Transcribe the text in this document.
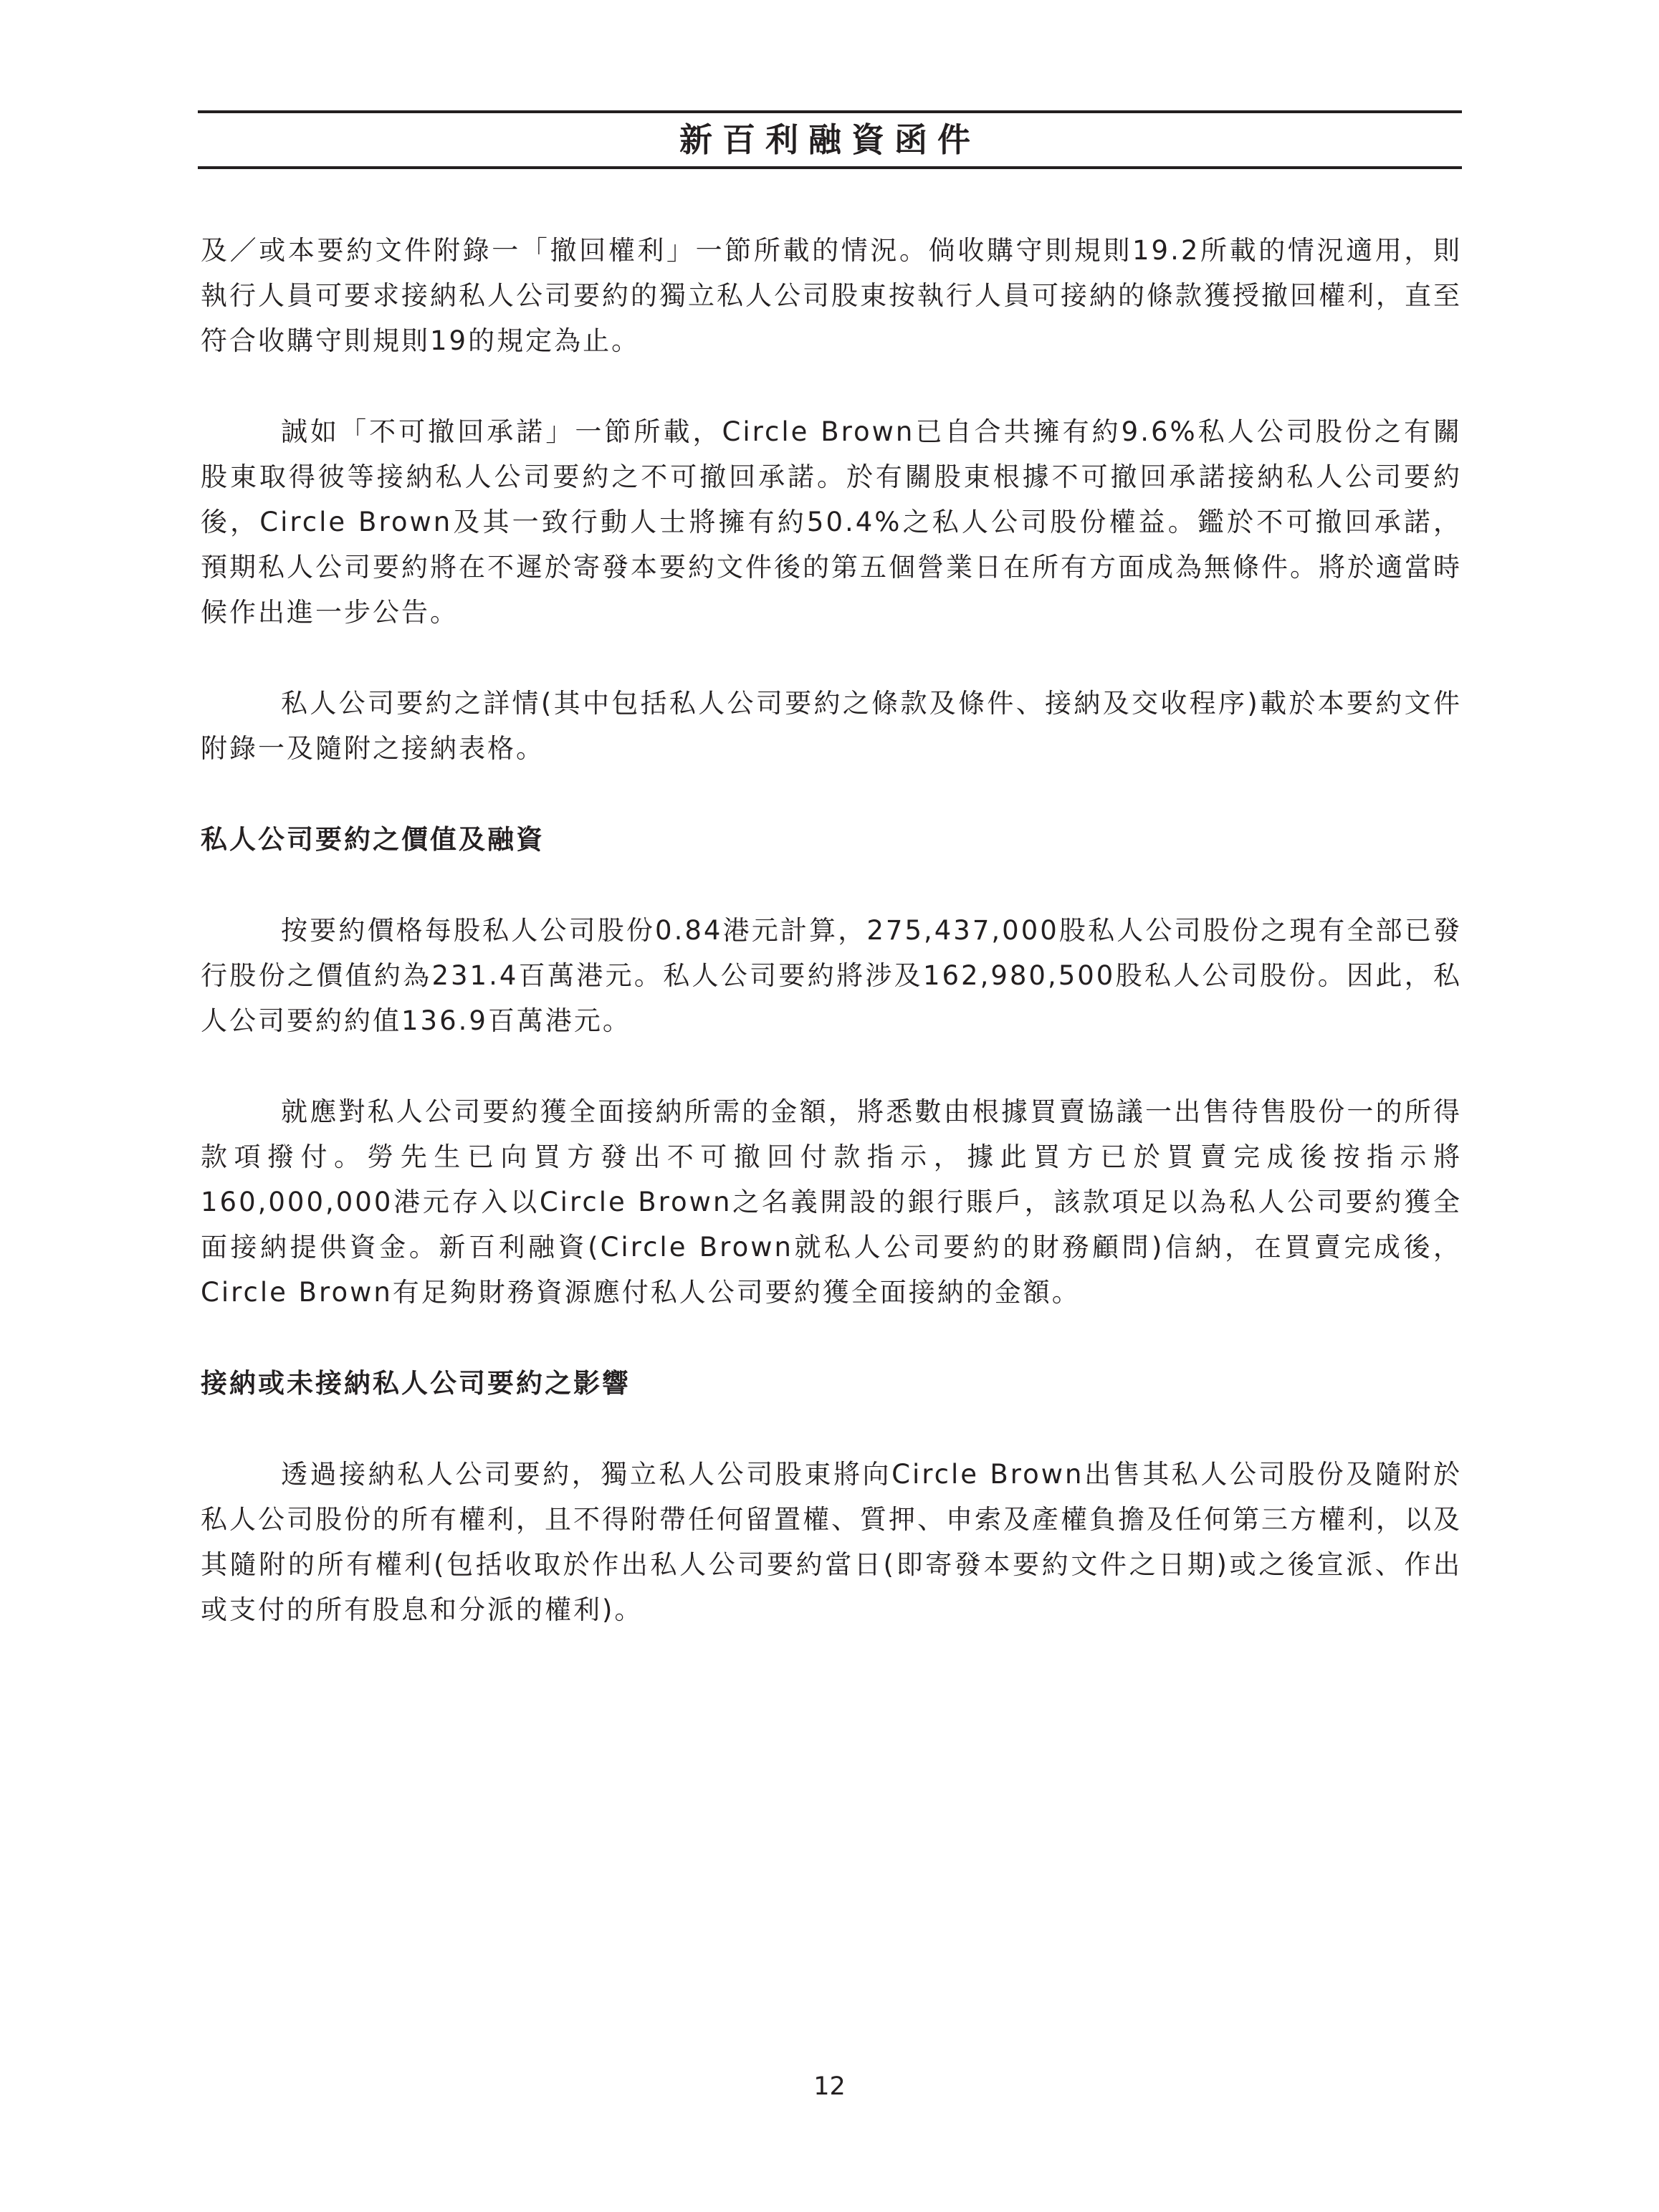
新百利融資函件

及／或本要約文件附錄一「撤回權利」一節所載的情況。倘收購守則規則19.2所載的情況適用，則執行人員可要求接納私人公司要約的獨立私人公司股東按執行人員可接納的條款獲授撤回權利，直至符合收購守則規則19的規定為止。

誠如「不可撤回承諾」一節所載，Circle Brown已自合共擁有約9.6%私人公司股份之有關股東取得彼等接納私人公司要約之不可撤回承諾。於有關股東根據不可撤回承諾接納私人公司要約後，Circle Brown及其一致行動人士將擁有約50.4%之私人公司股份權益。鑑於不可撤回承諾，預期私人公司要約將在不遲於寄發本要約文件後的第五個營業日在所有方面成為無條件。將於適當時候作出進一步公告。

私人公司要約之詳情(其中包括私人公司要約之條款及條件、接納及交收程序)載於本要約文件附錄一及隨附之接納表格。

私人公司要約之價值及融資

按要約價格每股私人公司股份0.84港元計算，275,437,000股私人公司股份之現有全部已發行股份之價值約為231.4百萬港元。私人公司要約將涉及162,980,500股私人公司股份。因此，私人公司要約約值136.9百萬港元。

就應對私人公司要約獲全面接納所需的金額，將悉數由根據買賣協議一出售待售股份一的所得款項撥付。勞先生已向買方發出不可撤回付款指示，據此買方已於買賣完成後按指示將160,000,000港元存入以Circle Brown之名義開設的銀行賬戶，該款項足以為私人公司要約獲全面接納提供資金。新百利融資(Circle Brown就私人公司要約的財務顧問)信納，在買賣完成後，Circle Brown有足夠財務資源應付私人公司要約獲全面接納的金額。

接納或未接納私人公司要約之影響

透過接納私人公司要約，獨立私人公司股東將向Circle Brown出售其私人公司股份及隨附於私人公司股份的所有權利，且不得附帶任何留置權、質押、申索及產權負擔及任何第三方權利，以及其隨附的所有權利(包括收取於作出私人公司要約當日(即寄發本要約文件之日期)或之後宣派、作出或支付的所有股息和分派的權利)。

12
